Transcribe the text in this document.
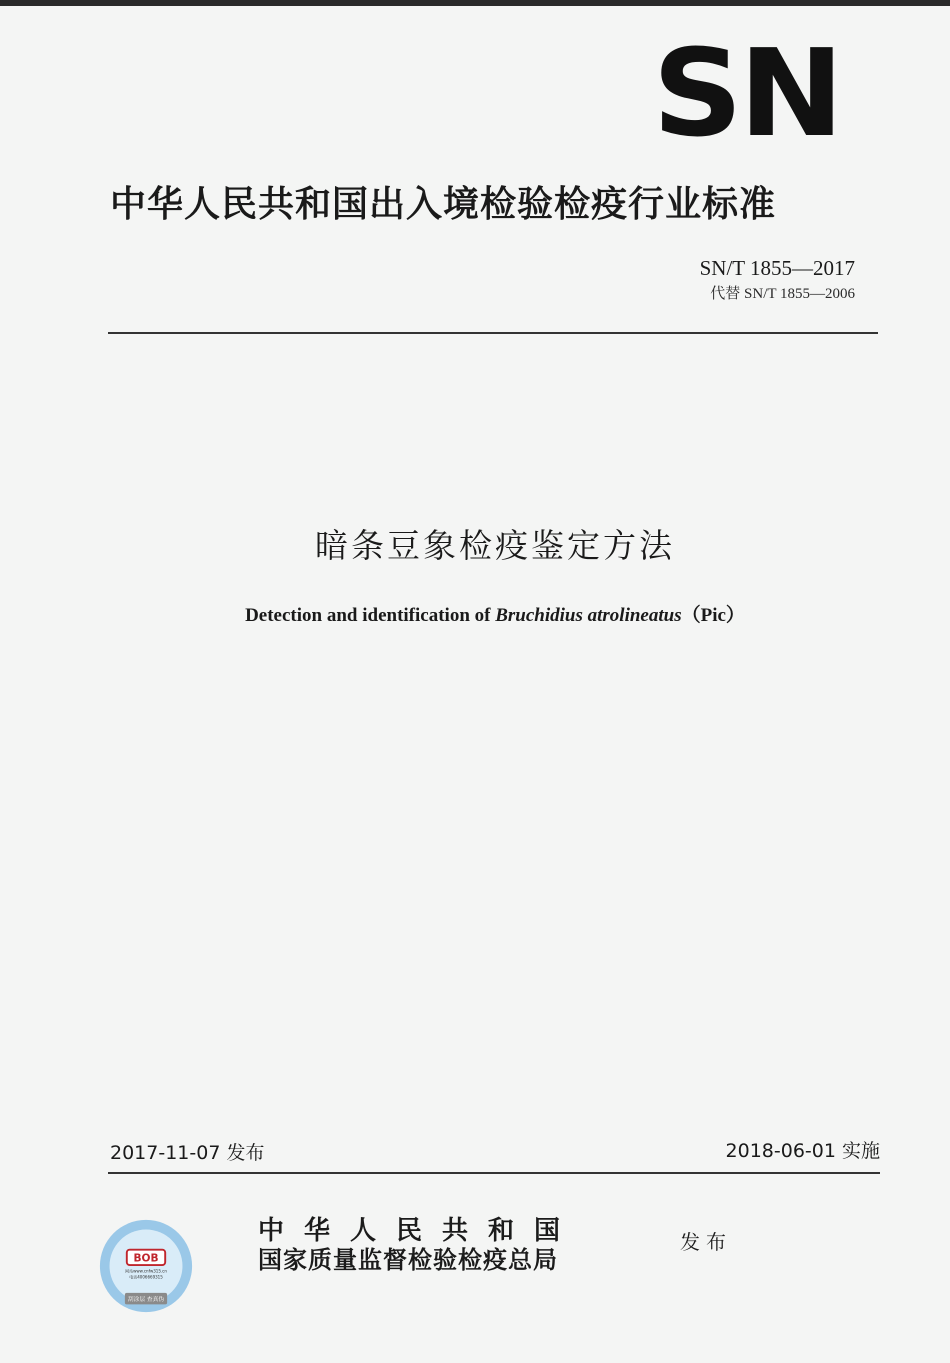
SN
中华人民共和国出入境检验检疫行业标准
SN/T 1855—2017
代替 SN/T 1855—2006
暗条豆象检疫鉴定方法
Detection and identification of Bruchidius atrolineatus（Pic）
2017-11-07 发布	2018-06-01 实施
BOB
网站www.cnfw315.cn
电话4006669315
刮涂层 查真伪
中华人民共和国
国家质量监督检验检疫总局
发布
